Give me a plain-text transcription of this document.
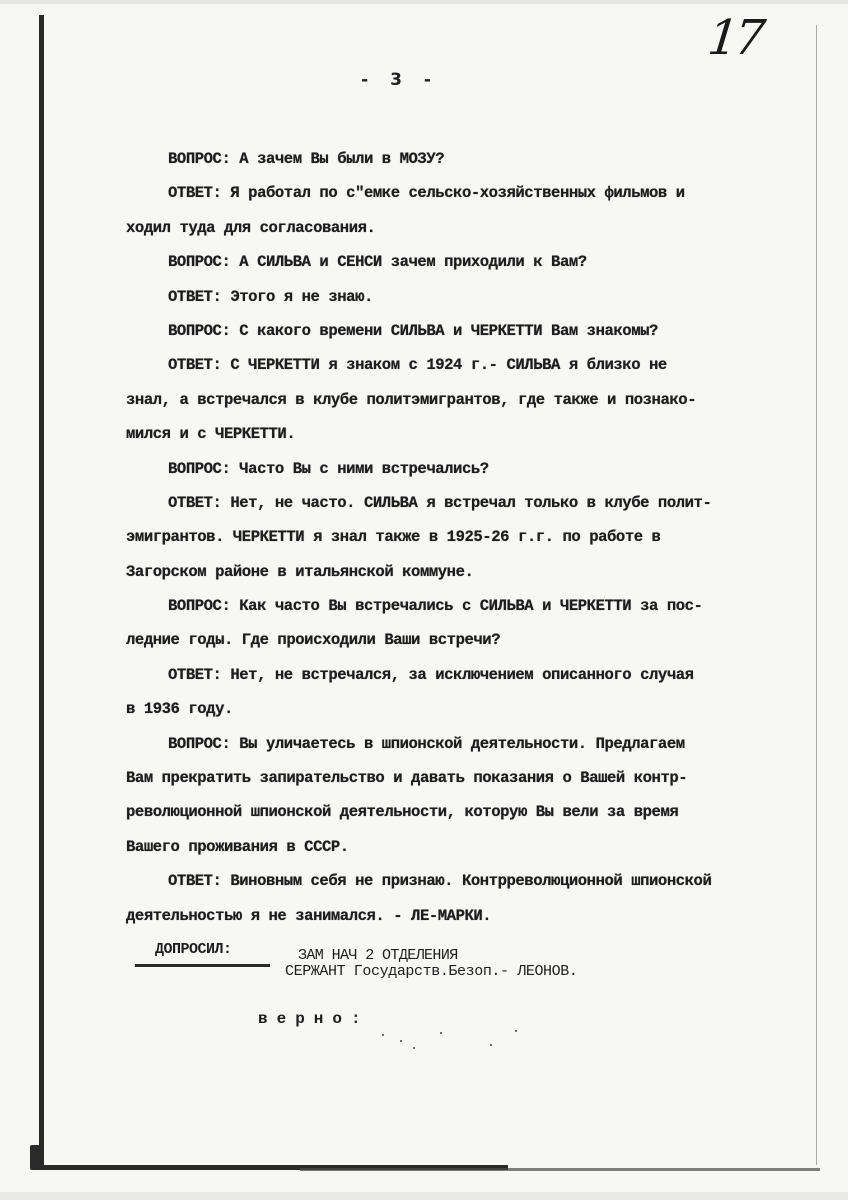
- 3 -
17
ВОПРОС: А зачем Вы были в МОЗУ?
ОТВЕТ: Я работал по с"емке сельско-хозяйственных фильмов и
ходил туда для согласования.
ВОПРОС: А СИЛЬВА и СЕНСИ зачем приходили к Вам?
ОТВЕТ: Этого я не знаю.
ВОПРОС: С какого времени СИЛЬВА и ЧЕРКЕТТИ Вам знакомы?
ОТВЕТ: С ЧЕРКЕТТИ я знаком с 1924 г.- СИЛЬВА я близко не
знал, а встречался в клубе политэмигрантов, где также и познако-
мился и с ЧЕРКЕТТИ.
ВОПРОС: Часто Вы с ними встречались?
ОТВЕТ: Нет, не часто. СИЛЬВА я встречал только в клубе полит-
эмигрантов. ЧЕРКЕТТИ я знал также в 1925-26 г.г. по работе в
Загорском районе в итальянской коммуне.
ВОПРОС: Как часто Вы встречались с СИЛЬВА и ЧЕРКЕТТИ за пос-
ледние годы. Где происходили Ваши встречи?
ОТВЕТ: Нет, не встречался, за исключением описанного случая
в 1936 году.
ВОПРОС: Вы уличаетесь в шпионской деятельности. Предлагаем
Вам прекратить запирательство и давать показания о Вашей контр-
революционной шпионской деятельности, которую Вы вели за время
Вашего проживания в СССР.
ОТВЕТ: Виновным себя не признаю. Контрреволюционной шпионской
деятельностью я не занимался. - ЛЕ-МАРКИ.
ДОПРОСИЛ:	ЗАМ НАЧ 2 ОТДЕЛЕНИЯ
СЕРЖАНТ Государств.Безоп.- ЛЕОНОВ.
верно:
